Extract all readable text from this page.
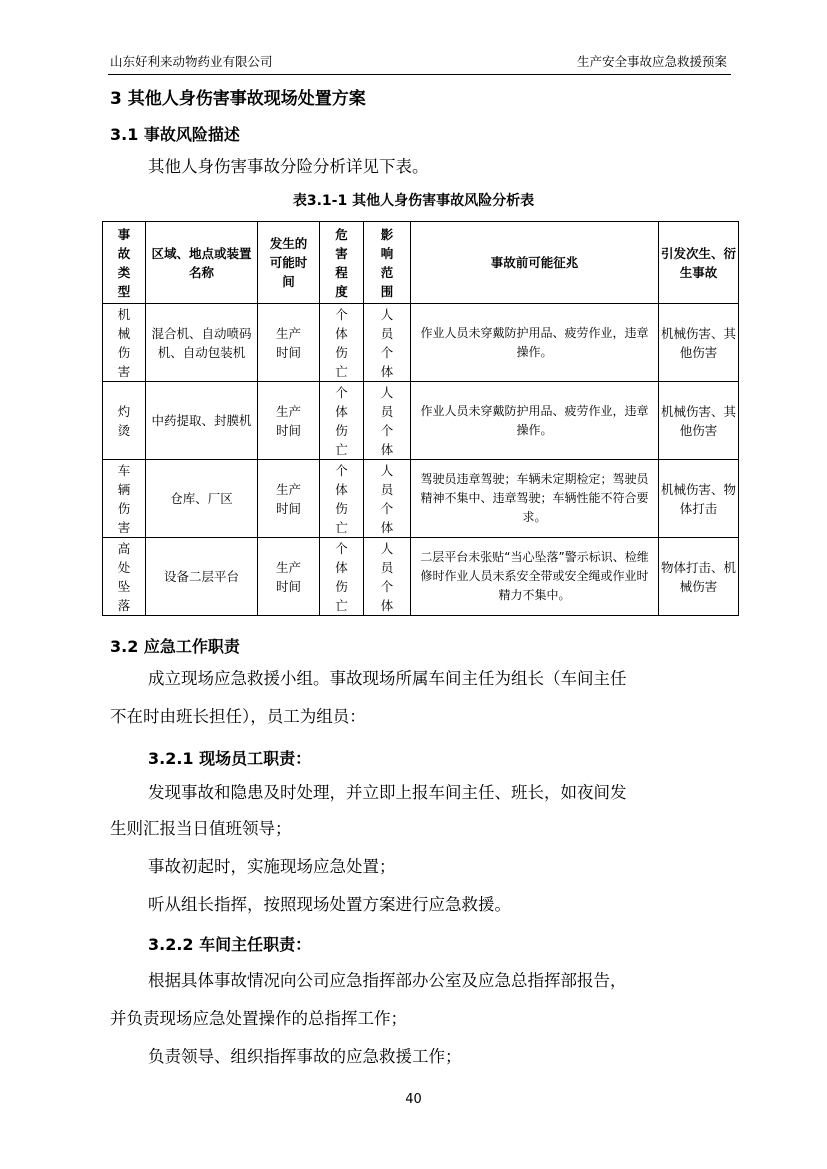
山东好利来动物药业有限公司	生产安全事故应急救援预案
3 其他人身伤害事故现场处置方案
3.1 事故风险描述
其他人身伤害事故分险分析详见下表。
表3.1-1 其他人身伤害事故风险分析表
事故类型	区域、地点或装置名称	发生的可能时间	危害程度	影响范围	事故前可能征兆	引发次生、衍生事故

机械伤害	混合机、自动喷码机、自动包装机	生产时间	个体伤亡	人员个体	作业人员未穿戴防护用品、疲劳作业，违章操作。	机械伤害、其他伤害

灼烫	中药提取、封膜机	生产时间	个体伤亡	人员个体	作业人员未穿戴防护用品、疲劳作业，违章操作。	机械伤害、其他伤害

车辆伤害	仓库、厂区	生产时间	个体伤亡	人员个体	驾驶员违章驾驶；车辆未定期检定；驾驶员精神不集中、违章驾驶；车辆性能不符合要求。	机械伤害、物体打击

高处坠落	设备二层平台	生产时间	个体伤亡	人员个体	二层平台未张贴“当心坠落”警示标识、检维修时作业人员未系安全带或安全绳或作业时精力不集中。	物体打击、机械伤害
3.2 应急工作职责
成立现场应急救援小组。事故现场所属车间主任为组长（车间主任
不在时由班长担任），员工为组员：
3.2.1 现场员工职责：
发现事故和隐患及时处理，并立即上报车间主任、班长，如夜间发
生则汇报当日值班领导；
事故初起时，实施现场应急处置；
听从组长指挥，按照现场处置方案进行应急救援。
3.2.2 车间主任职责：
根据具体事故情况向公司应急指挥部办公室及应急总指挥部报告，
并负责现场应急处置操作的总指挥工作；
负责领导、组织指挥事故的应急救援工作；
40
